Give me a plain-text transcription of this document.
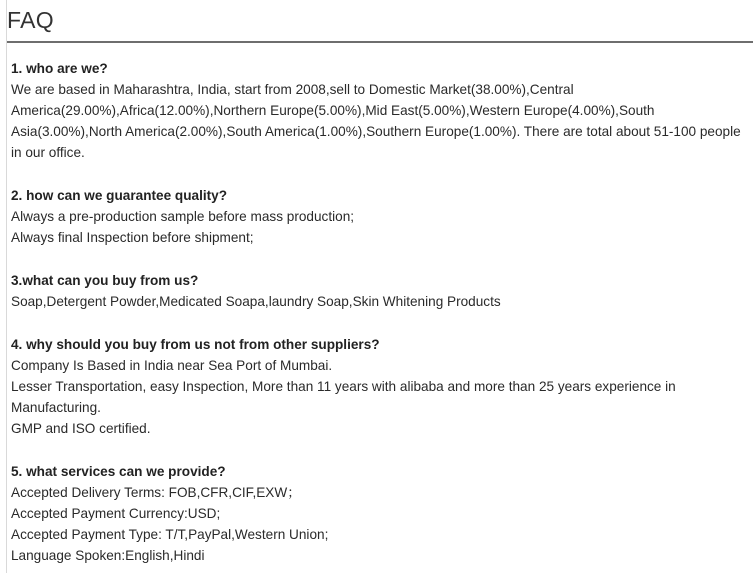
FAQ
1. who are we?
We are based in Maharashtra, India, start from 2008,sell to Domestic Market(38.00%),Central America(29.00%),Africa(12.00%),Northern Europe(5.00%),Mid East(5.00%),Western Europe(4.00%),South Asia(3.00%),North America(2.00%),South America(1.00%),Southern Europe(1.00%). There are total about 51-100 people in our office.
2. how can we guarantee quality?
Always a pre-production sample before mass production;
Always final Inspection before shipment;
3.what can you buy from us?
Soap,Detergent Powder,Medicated Soapa,laundry Soap,Skin Whitening Products
4. why should you buy from us not from other suppliers?
Company Is Based in India near Sea Port of Mumbai.
Lesser Transportation, easy Inspection, More than 11 years with alibaba and more than 25 years experience in Manufacturing.
GMP and ISO certified.
5. what services can we provide?
Accepted Delivery Terms: FOB,CFR,CIF,EXW；
Accepted Payment Currency:USD;
Accepted Payment Type: T/T,PayPal,Western Union;
Language Spoken:English,Hindi
